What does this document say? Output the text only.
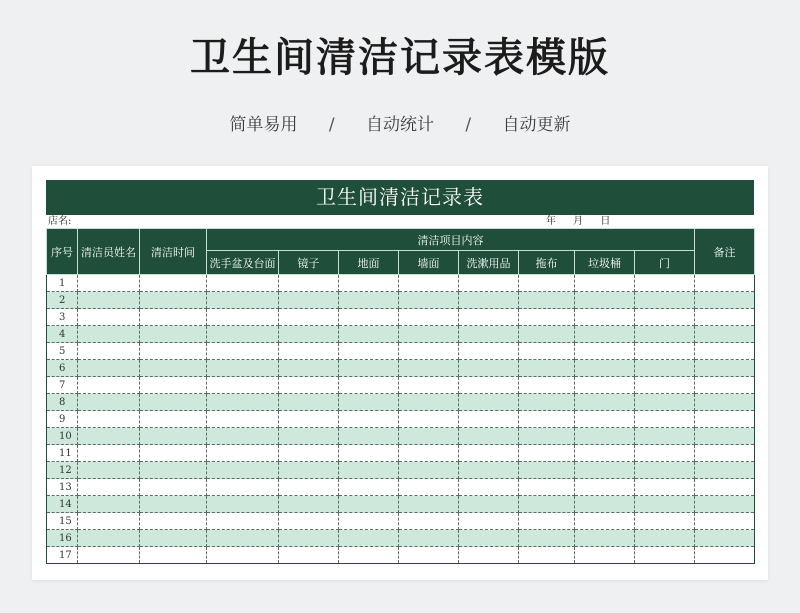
卫生间清洁记录表模版
简单易用 / 自动统计 / 自动更新
卫生间清洁记录表
店名:	年 月 日
序号	清洁员姓名	清洁时间	清洁项目内容								备注
			洗手盆及台面	镜子	地面	墙面	洗漱用品	拖布	垃圾桶	门	
1											
2											
3											
4											
5											
6											
7											
8											
9											
10											
11											
12											
13											
14											
15											
16											
17											
